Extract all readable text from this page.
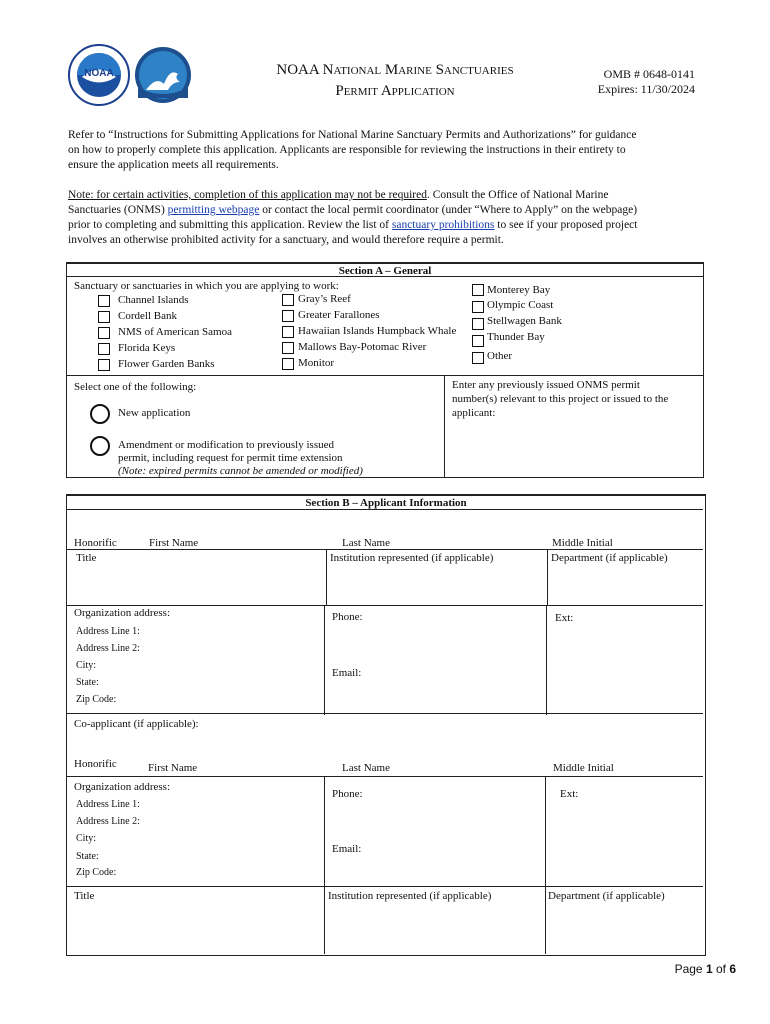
NOAA	NOAA National Marine Sanctuaries
Permit Application
OMB # 0648-0141
Expires: 11/30/2024
Refer to “Instructions for Submitting Applications for National Marine Sanctuary Permits and Authorizations” for guidance
on how to properly complete this application. Applicants are responsible for reviewing the instructions in their entirety to
ensure the application meets all requirements.
Note: for certain activities, completion of this application may not be required. Consult the Office of National Marine
Sanctuaries (ONMS) permitting webpage or contact the local permit coordinator (under “Where to Apply” on the webpage)
prior to completing and submitting this application. Review the list of sanctuary prohibitions to see if your proposed project
involves an otherwise prohibited activity for a sanctuary, and would therefore require a permit.
Section A – General
Sanctuary or sanctuaries in which you are applying to work:
Channel Islands
Cordell Bank
NMS of American Samoa
Florida Keys
Flower Garden Banks
Gray’s Reef
Greater Farallones
Hawaiian Islands Humpback Whale
Mallows Bay-Potomac River
Monitor
Monterey Bay
Olympic Coast
Stellwagen Bank
Thunder Bay
Other
Select one of the following:
New application
Amendment or modification to previously issued
permit, including request for permit time extension
(Note: expired permits cannot be amended or modified)
Enter any previously issued ONMS permit
number(s) relevant to this project or issued to the
applicant:
Section B – Applicant Information
Honorific	First Name	Last Name	Middle Initial
Title	Institution represented (if applicable)	Department (if applicable)
Organization address:
Address Line 1:
Address Line 2:
City:
State:
Zip Code:
Phone:	Ext:
Email:
Co-applicant (if applicable):
Honorific	First Name	Last Name	Middle Initial
Organization address:
Address Line 1:
Address Line 2:
City:
State:
Zip Code:
Phone:	Ext:
Email:
Title	Institution represented (if applicable)	Department (if applicable)
Page 1 of 6
